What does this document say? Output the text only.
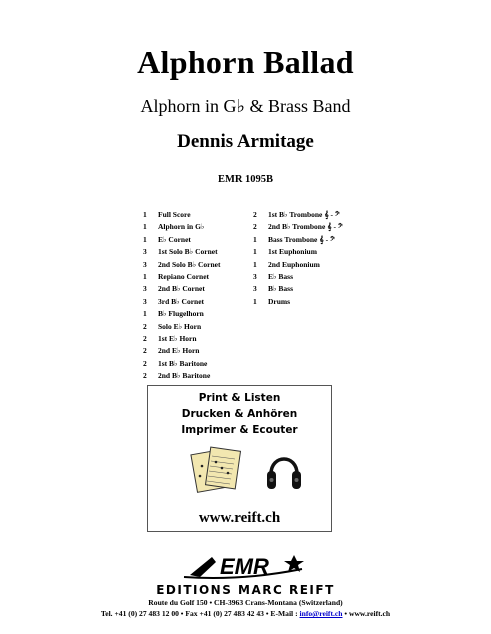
Alphorn Ballad
Alphorn in G♭ & Brass Band
Dennis Armitage
EMR 1095B
1	Full Score
1	Alphorn in G♭
1	E♭ Cornet
3	1st Solo B♭ Cornet
3	2nd Solo B♭ Cornet
1	Repiano Cornet
3	2nd B♭ Cornet
3	3rd B♭ Cornet
1	B♭ Flugelhorn
2	Solo E♭ Horn
2	1st E♭ Horn
2	2nd E♭ Horn
2	1st B♭ Baritone
2	2nd B♭ Baritone
2	1st B♭ Trombone 𝄞 - 𝄢
2	2nd B♭ Trombone 𝄞 - 𝄢
1	Bass Trombone 𝄞 - 𝄢
1	1st Euphonium
1	2nd Euphonium
3	E♭ Bass
3	B♭ Bass
1	Drums
Print & Listen
Drucken & Anhören
Imprimer & Ecouter
www.reift.ch
EMR
EDITIONS MARC REIFT
Route du Golf 150 • CH-3963 Crans-Montana (Switzerland)
Tel. +41 (0) 27 483 12 00 • Fax +41 (0) 27 483 42 43 • E-Mail : info@reift.ch • www.reift.ch
